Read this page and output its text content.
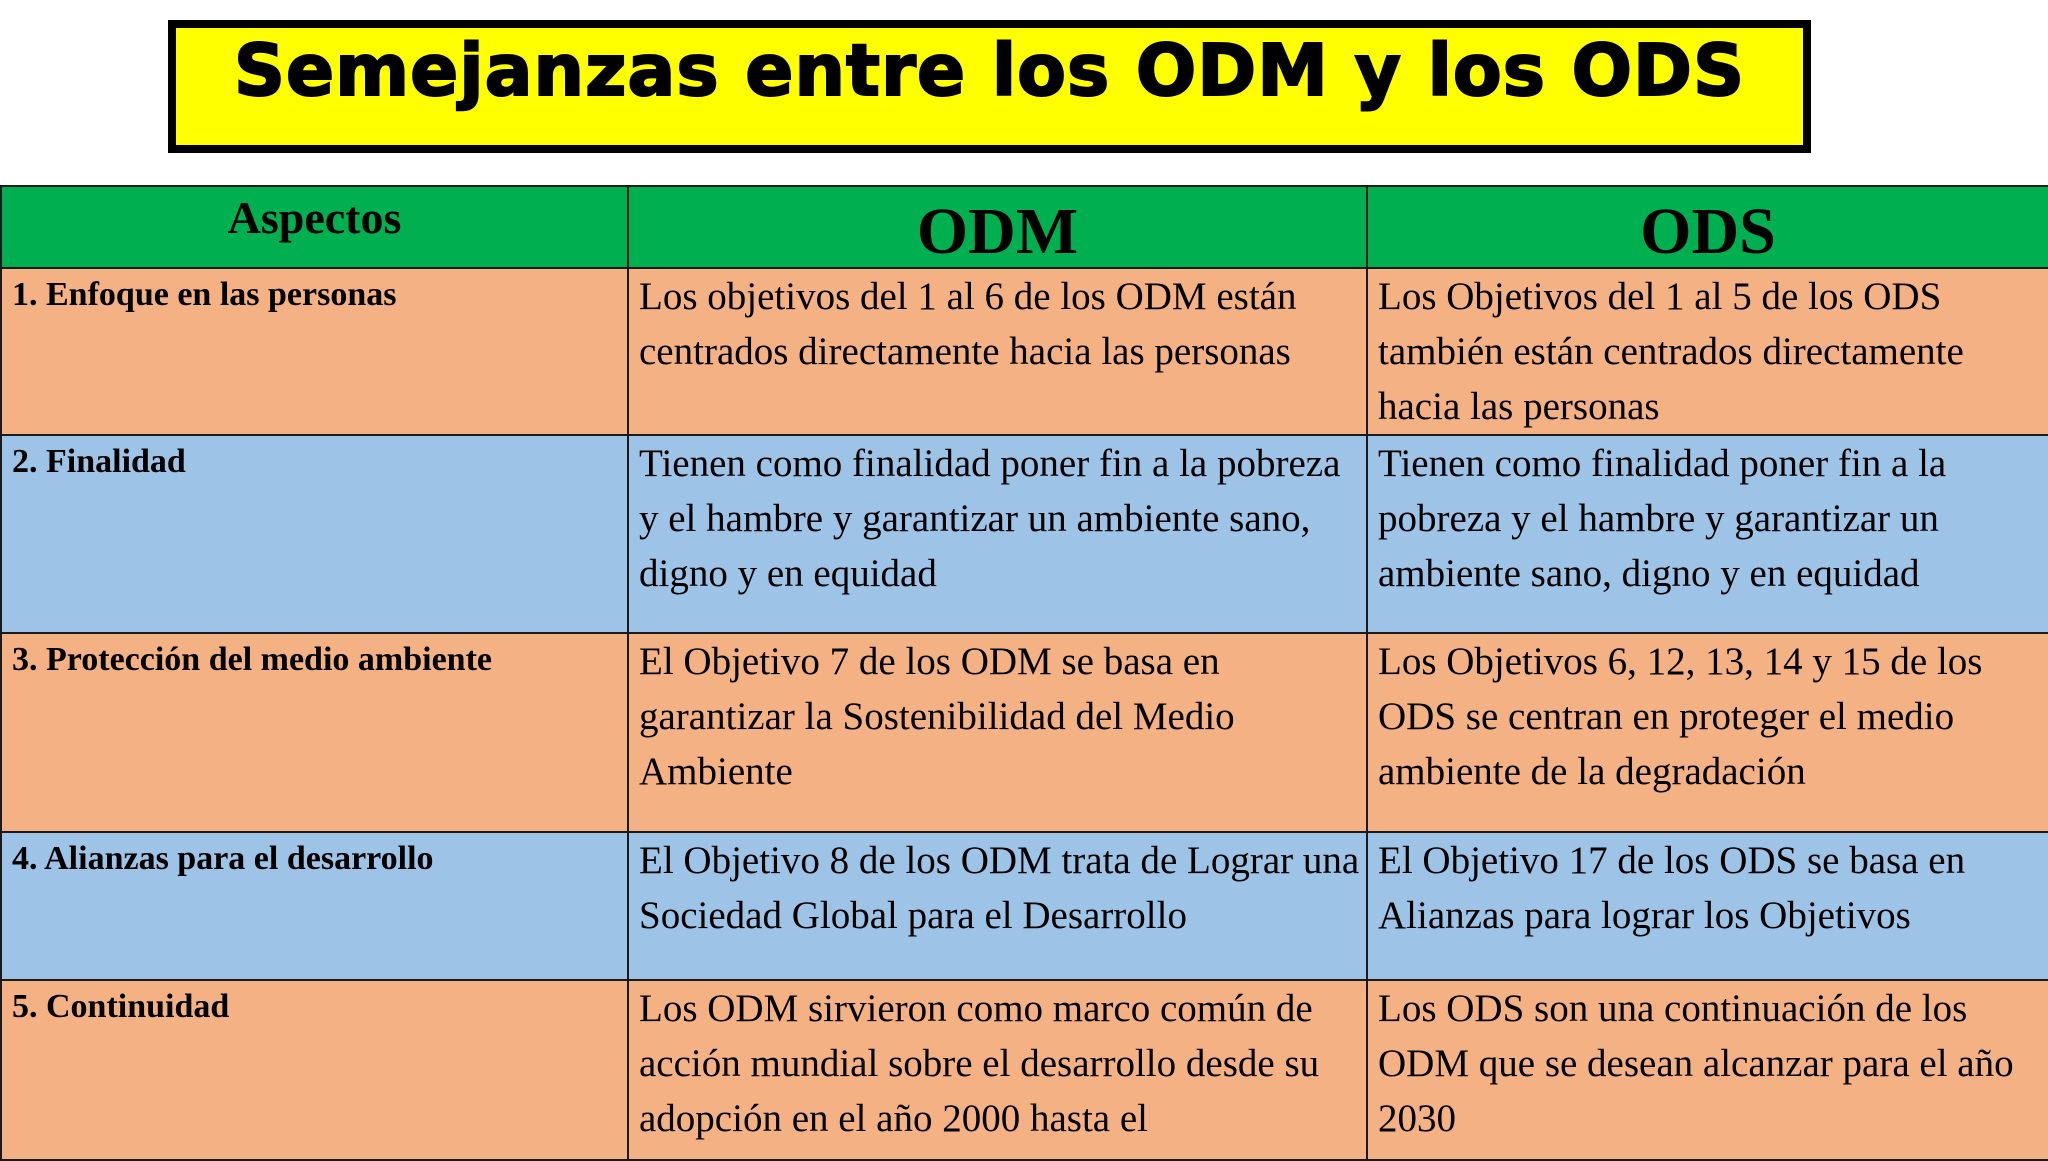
Semejanzas entre los ODM y los ODS
Aspectos	ODM	ODS
1. Enfoque en las personas	Los objetivos del 1 al 6 de los ODM están centrados directamente hacia las personas	Los Objetivos del 1 al 5 de los ODS también están centrados directamente hacia las personas
2. Finalidad	Tienen como finalidad poner fin a la pobreza y el hambre y garantizar un ambiente sano, digno y en equidad	Tienen como finalidad poner fin a la pobreza y el hambre y garantizar un ambiente sano, digno y en equidad
3. Protección del medio ambiente	El Objetivo 7 de los ODM se basa en garantizar la Sostenibilidad del Medio Ambiente	Los Objetivos 6, 12, 13, 14 y 15 de los ODS se centran en proteger el medio ambiente de la degradación
4. Alianzas para el desarrollo	El Objetivo 8 de los ODM trata de Lograr una Sociedad Global para el Desarrollo	El Objetivo 17 de los ODS se basa en Alianzas para lograr los Objetivos
5. Continuidad	Los ODM sirvieron como marco común de acción mundial sobre el desarrollo desde su adopción en el año 2000 hasta el	Los ODS son una continuación de los ODM que se desean alcanzar para el año 2030
